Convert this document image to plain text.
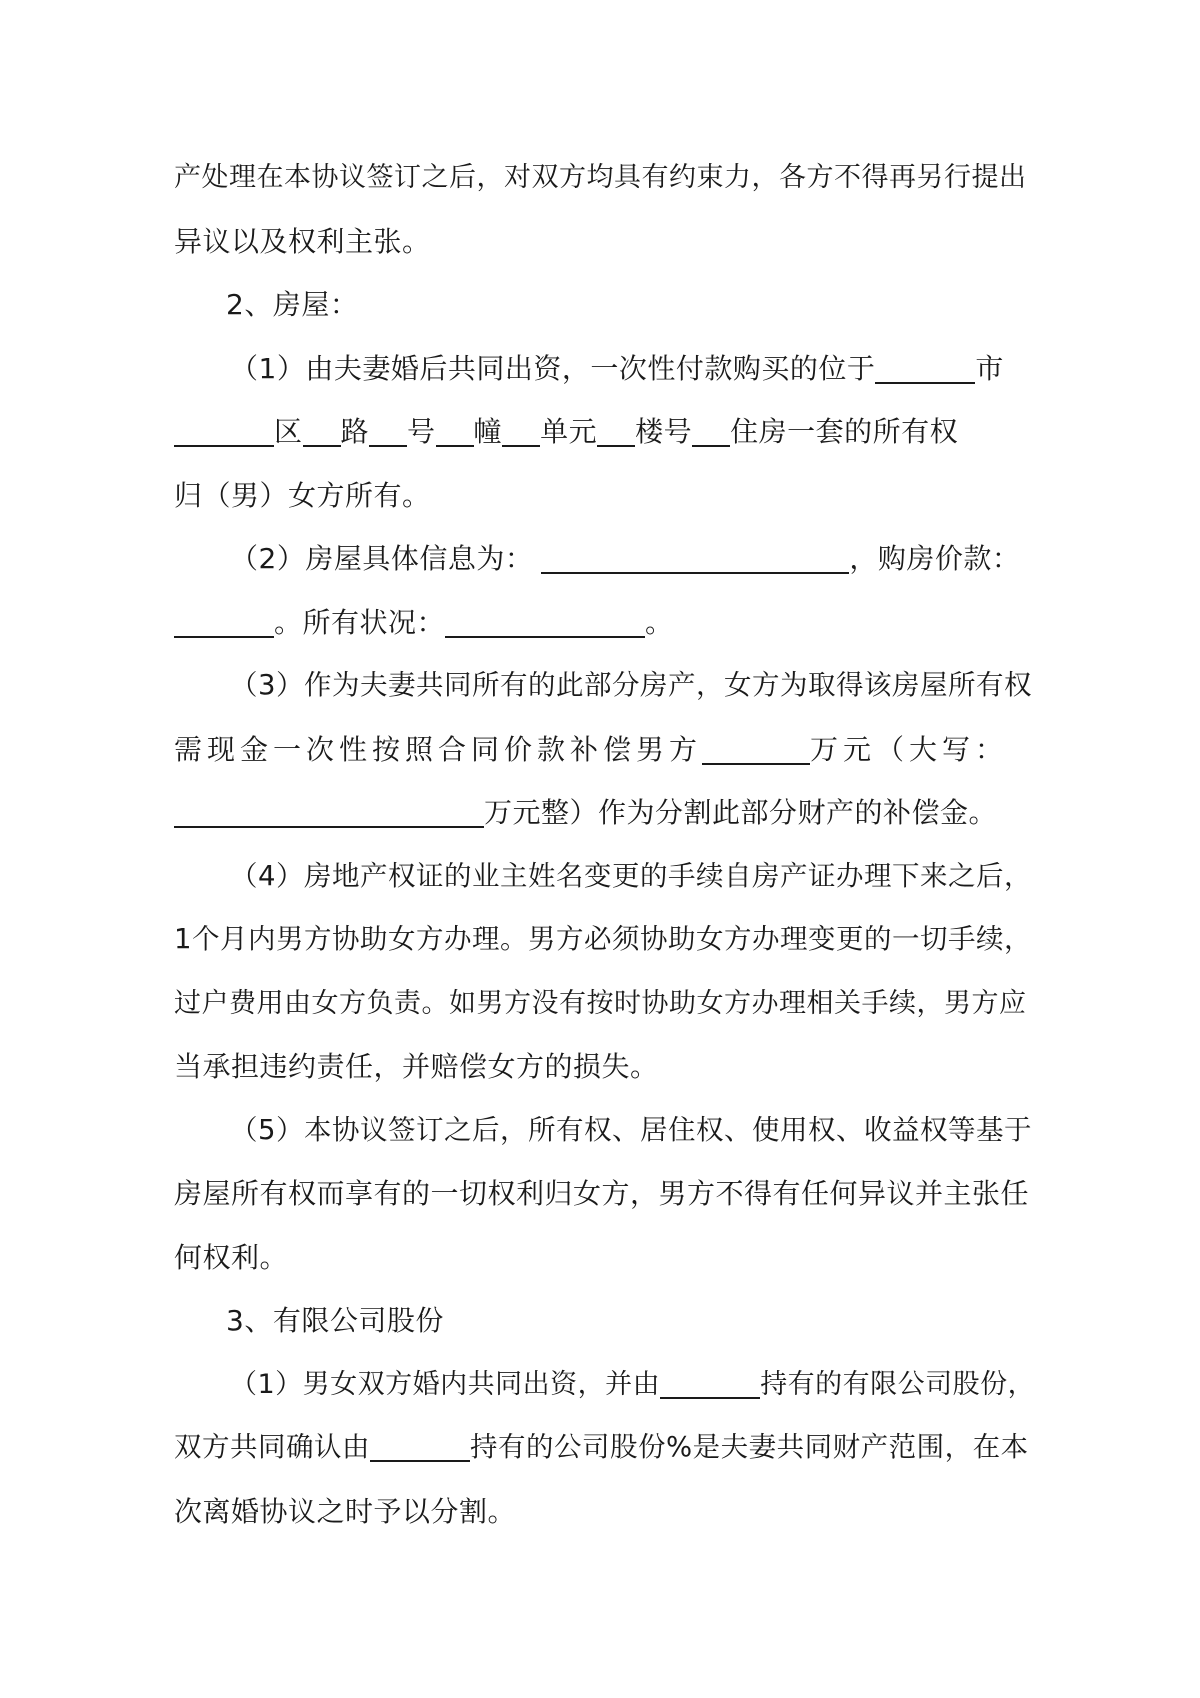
产处理在本协议签订之后，对双方均具有约束力，各方不得再另行提出
异议以及权利主张。
2、房屋：
（1）由夫妻婚后共同出资，一次性付款购买的位于	市
区 路 号 幢 单元 楼号 住房一套的所有权
归（男）女方所有。
（2）房屋具体信息为：	，购房价款：
。所有状况：	。
（3）作为夫妻共同所有的此部分房产，女方为取得该房屋所有权
需现金一次性按照合同价款补偿男方	万元（大写：
万元整）作为分割此部分财产的补偿金。
（4）房地产权证的业主姓名变更的手续自房产证办理下来之后，
1个月内男方协助女方办理。男方必须协助女方办理变更的一切手续，
过户费用由女方负责。如男方没有按时协助女方办理相关手续，男方应
当承担违约责任，并赔偿女方的损失。
（5）本协议签订之后，所有权、居住权、使用权、收益权等基于
房屋所有权而享有的一切权利归女方，男方不得有任何异议并主张任
何权利。
3、有限公司股份
（1）男女双方婚内共同出资，并由	持有的有限公司股份，
双方共同确认由	持有的公司股份%是夫妻共同财产范围，在本
次离婚协议之时予以分割。
